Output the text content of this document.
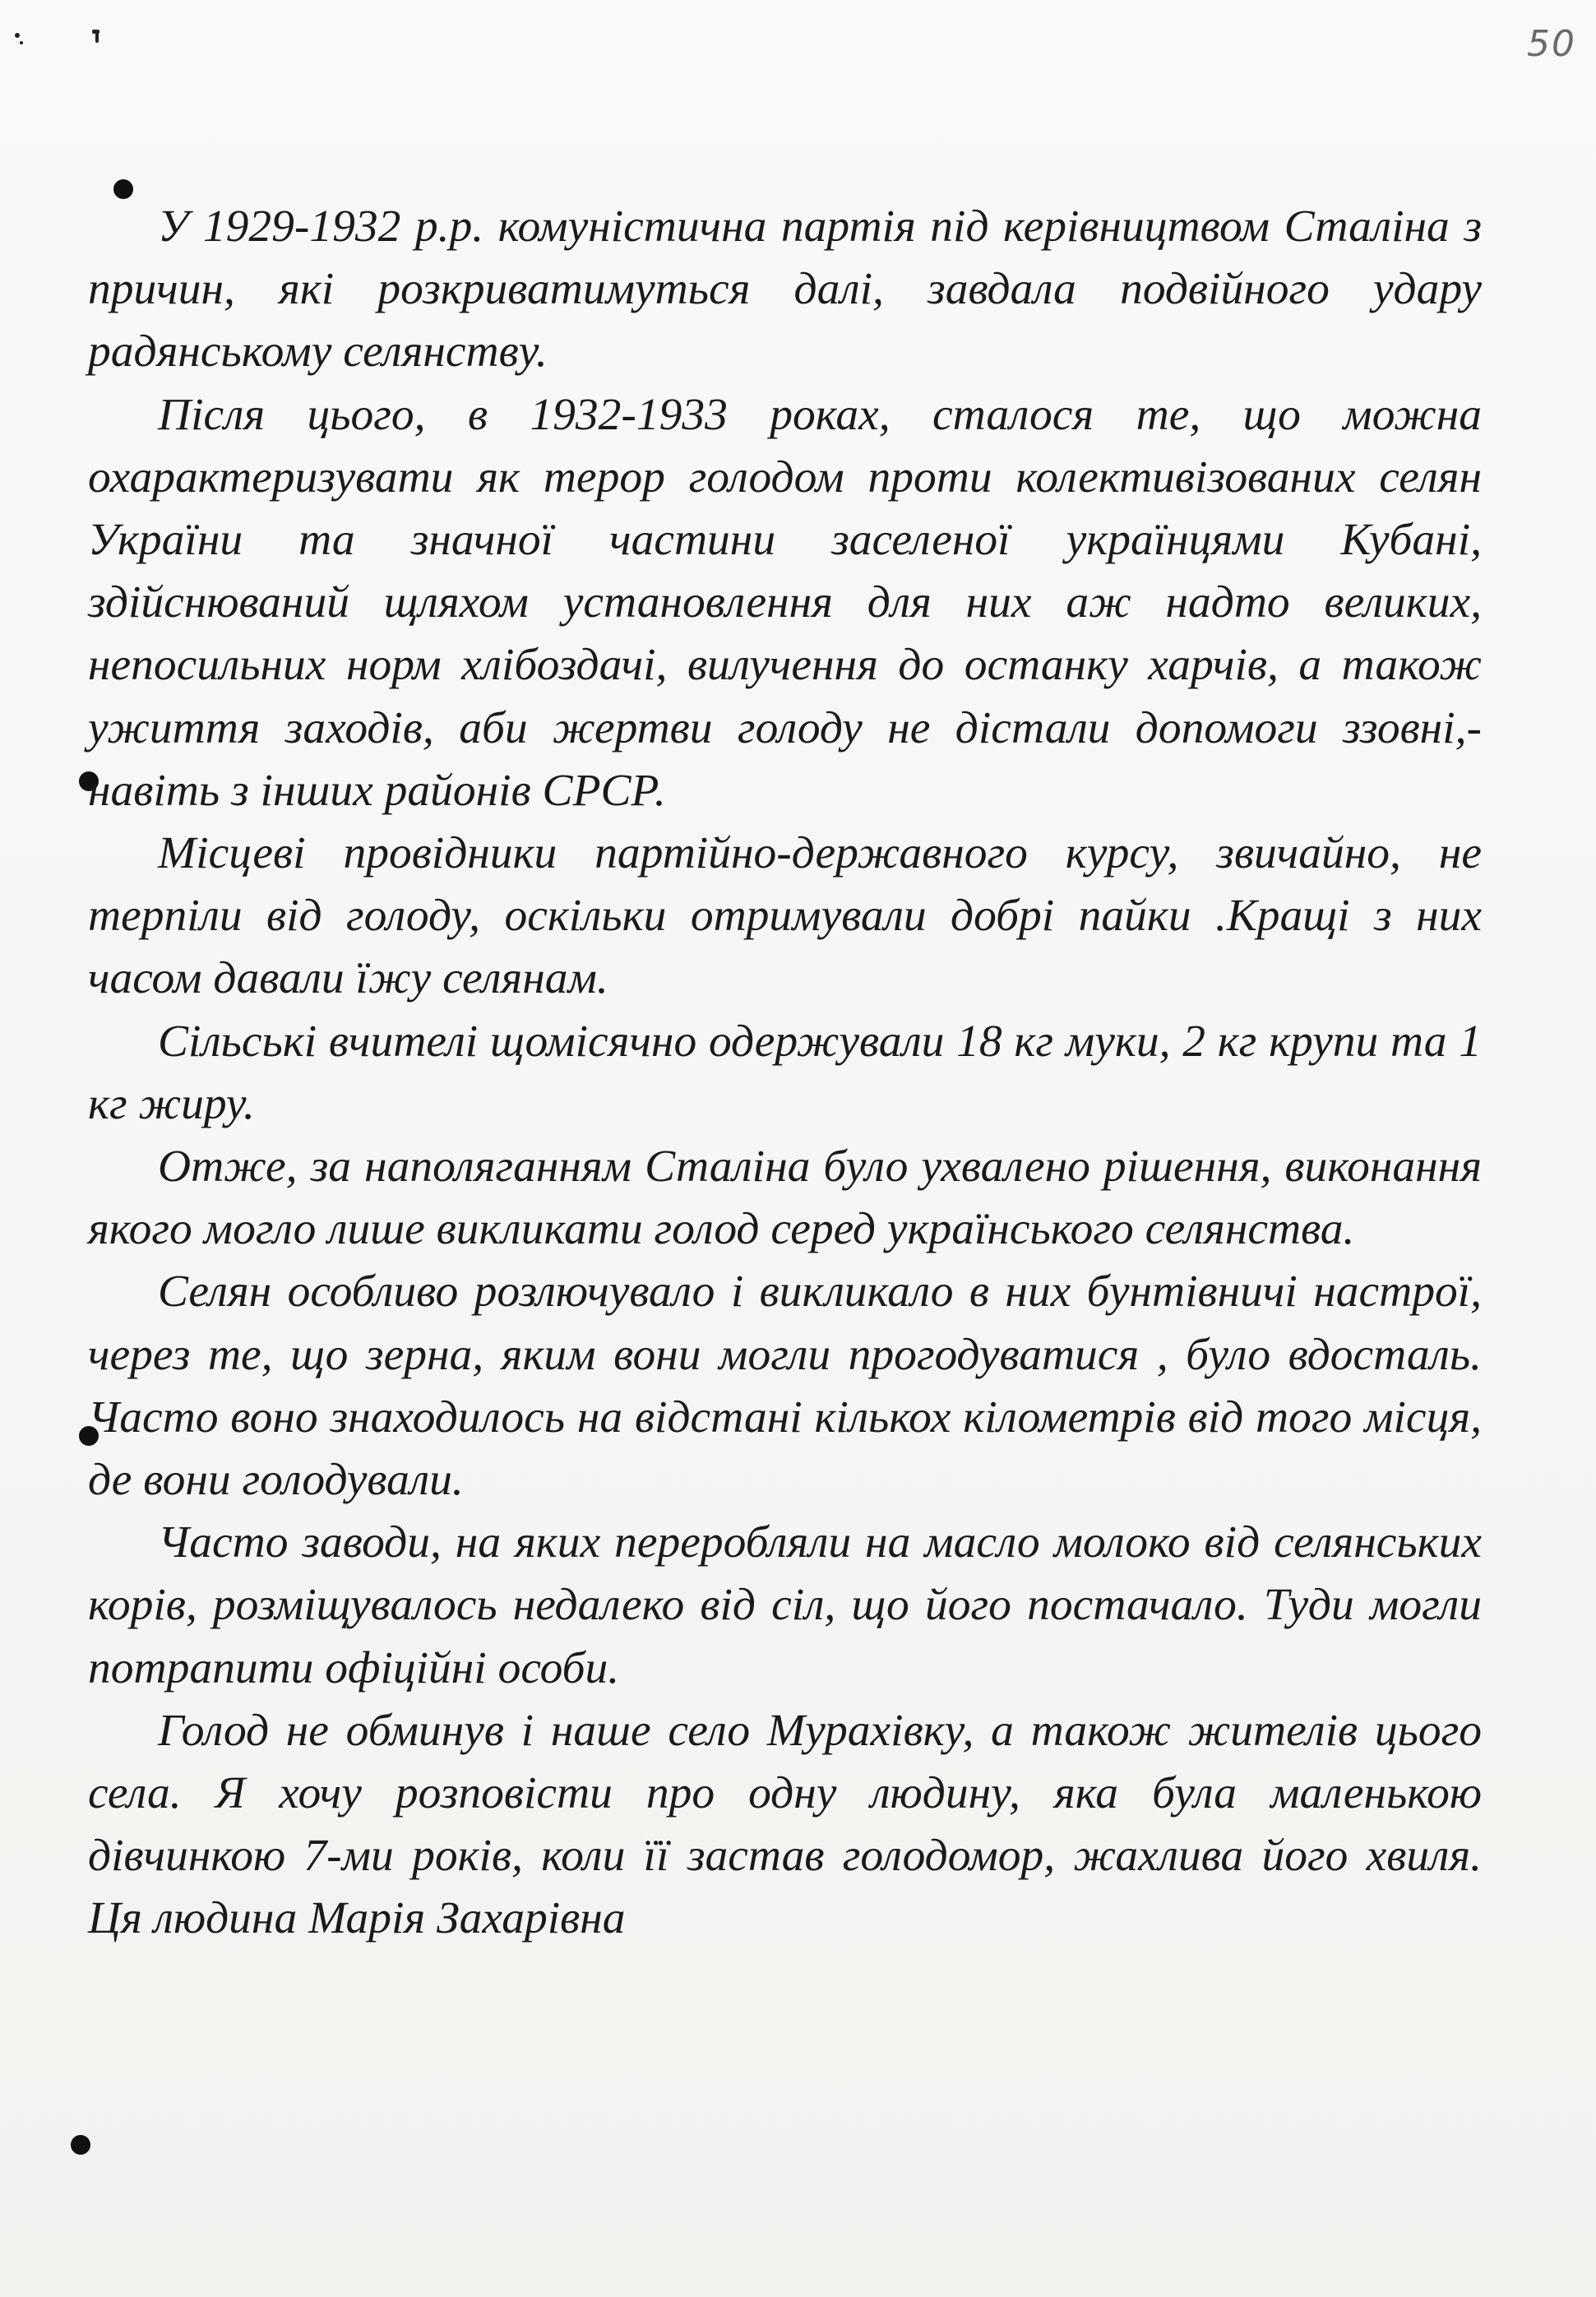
50

У 1929-1932 р.р. комуністична партія під керівництвом Сталіна з причин, які розкриватимуться далі, завдала подвійного удару радянському селянству.

Після цього, в 1932-1933 роках, сталося те, що можна охарактеризувати як терор голодом проти колективізованих селян України та значної частини заселеної українцями Кубані, здійснюваний щляхом установлення для них аж надто великих, непосильних норм хлібоздачі, вилучення до останку харчів, а також ужиття заходів, аби жертви голоду не дістали допомоги ззовні,- навіть з інших районів СРСР.

Місцеві провідники партійно-державного курсу, звичайно, не терпіли від голоду, оскільки отримували добрі пайки .Кращі з них часом давали їжу селянам.

Сільські вчителі щомісячно одержували 18 кг муки, 2 кг крупи та 1 кг жиру.

Отже, за наполяганням Сталіна було ухвалено рішення, виконання якого могло лише викликати голод серед українського селянства.

Селян особливо розлючувало і викликало в них бунтівничі настрої, через те, що зерна, яким вони могли прогодуватися , було вдосталь. Часто воно знаходилось на відстані кількох кілометрів від того місця, де вони голодували.

Часто заводи, на яких переробляли на масло молоко від селянських корів, розміщувалось недалеко від сіл, що його постачало. Туди могли потрапити офіційні особи.

Голод не обминув і наше село Мурахівку, а також жителів цього села. Я хочу розповісти про одну людину, яка була маленькою дівчинкою 7-ми років, коли її застав голодомор, жахлива його хвиля. Ця людина Марія Захарівна
